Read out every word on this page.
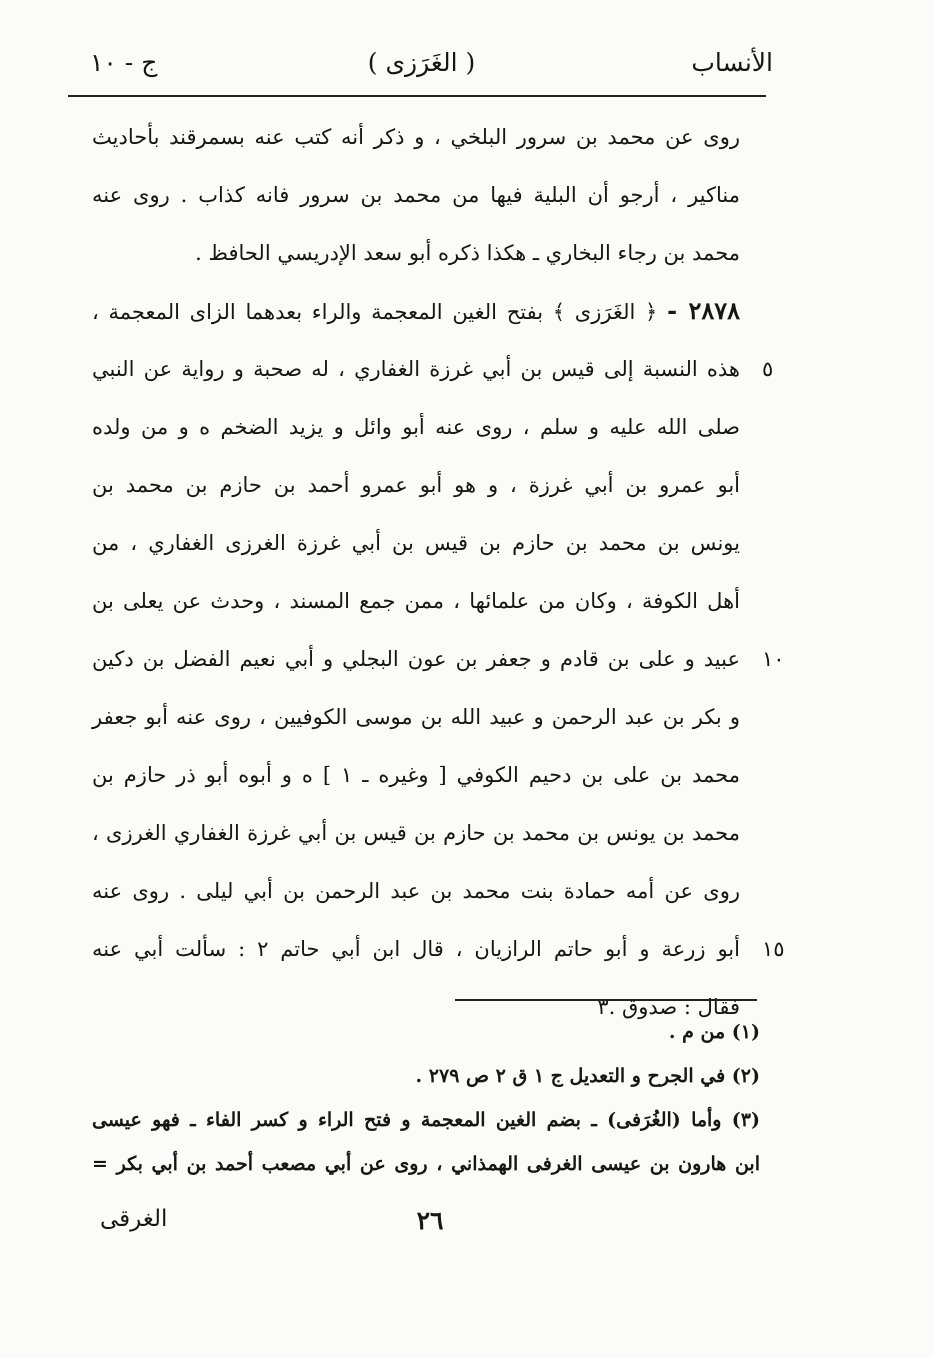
الأنساب
( الغَرَزى )
ج - ١٠
روى عن محمد بن سرور البلخي ، و ذكر أنه كتب عنه بسمرقند بأحاديث
مناكير ، أرجو أن البلية فيها من محمد بن سرور فانه كذاب . روى عنه
محمد بن رجاء البخاري ـ هكذا ذكره أبو سعد الإدريسي الحافظ .
٢٨٧٨ - ﴿ الغَرَزى ﴾ بفتح الغين المعجمة والراء بعدهما الزاى المعجمة ،
هذه النسبة إلى قيس بن أبي غرزة الغفاري ، له صحبة و رواية عن النبي ٥
صلى الله عليه و سلم ، روى عنه أبو وائل و يزيد الضخم ه و من ولده
أبو عمرو بن أبي غرزة ، و هو أبو عمرو أحمد بن حازم بن محمد بن
يونس بن محمد بن حازم بن قيس بن أبي غرزة الغرزى الغفاري ، من
أهل الكوفة ، وكان من علمائها ، ممن جمع المسند ، وحدث عن يعلى بن
عبيد و على بن قادم و جعفر بن عون البجلي و أبي نعيم الفضل بن دكين ١٠
و بكر بن عبد الرحمن و عبيد الله بن موسى الكوفيين ، روى عنه أبو جعفر
محمد بن على بن دحيم الكوفي [ وغيره ـ ١ ] ه و أبوه أبو ذر حازم بن
محمد بن يونس بن محمد بن حازم بن قيس بن أبي غرزة الغفاري الغرزى ،
روى عن أمه حمادة بنت محمد بن عبد الرحمن بن أبي ليلى . روى عنه
أبو زرعة و أبو حاتم الرازيان ، قال ابن أبي حاتم ٢ : سألت أبي عنه ١٥
فقال : صدوق .٣
(١) من م .
(٢) في الجرح و التعديل ج ١ ق ٢ ص ٢٧٩ .
(٣) وأما (الغُرَفى) ـ بضم الغين المعجمة و فتح الراء و كسر الفاء ـ فهو عيسى
ابن هارون بن عيسى الغرفى الهمذاني ، روى عن أبي مصعب أحمد بن أبي بكر =
٢٦
الغرقى
